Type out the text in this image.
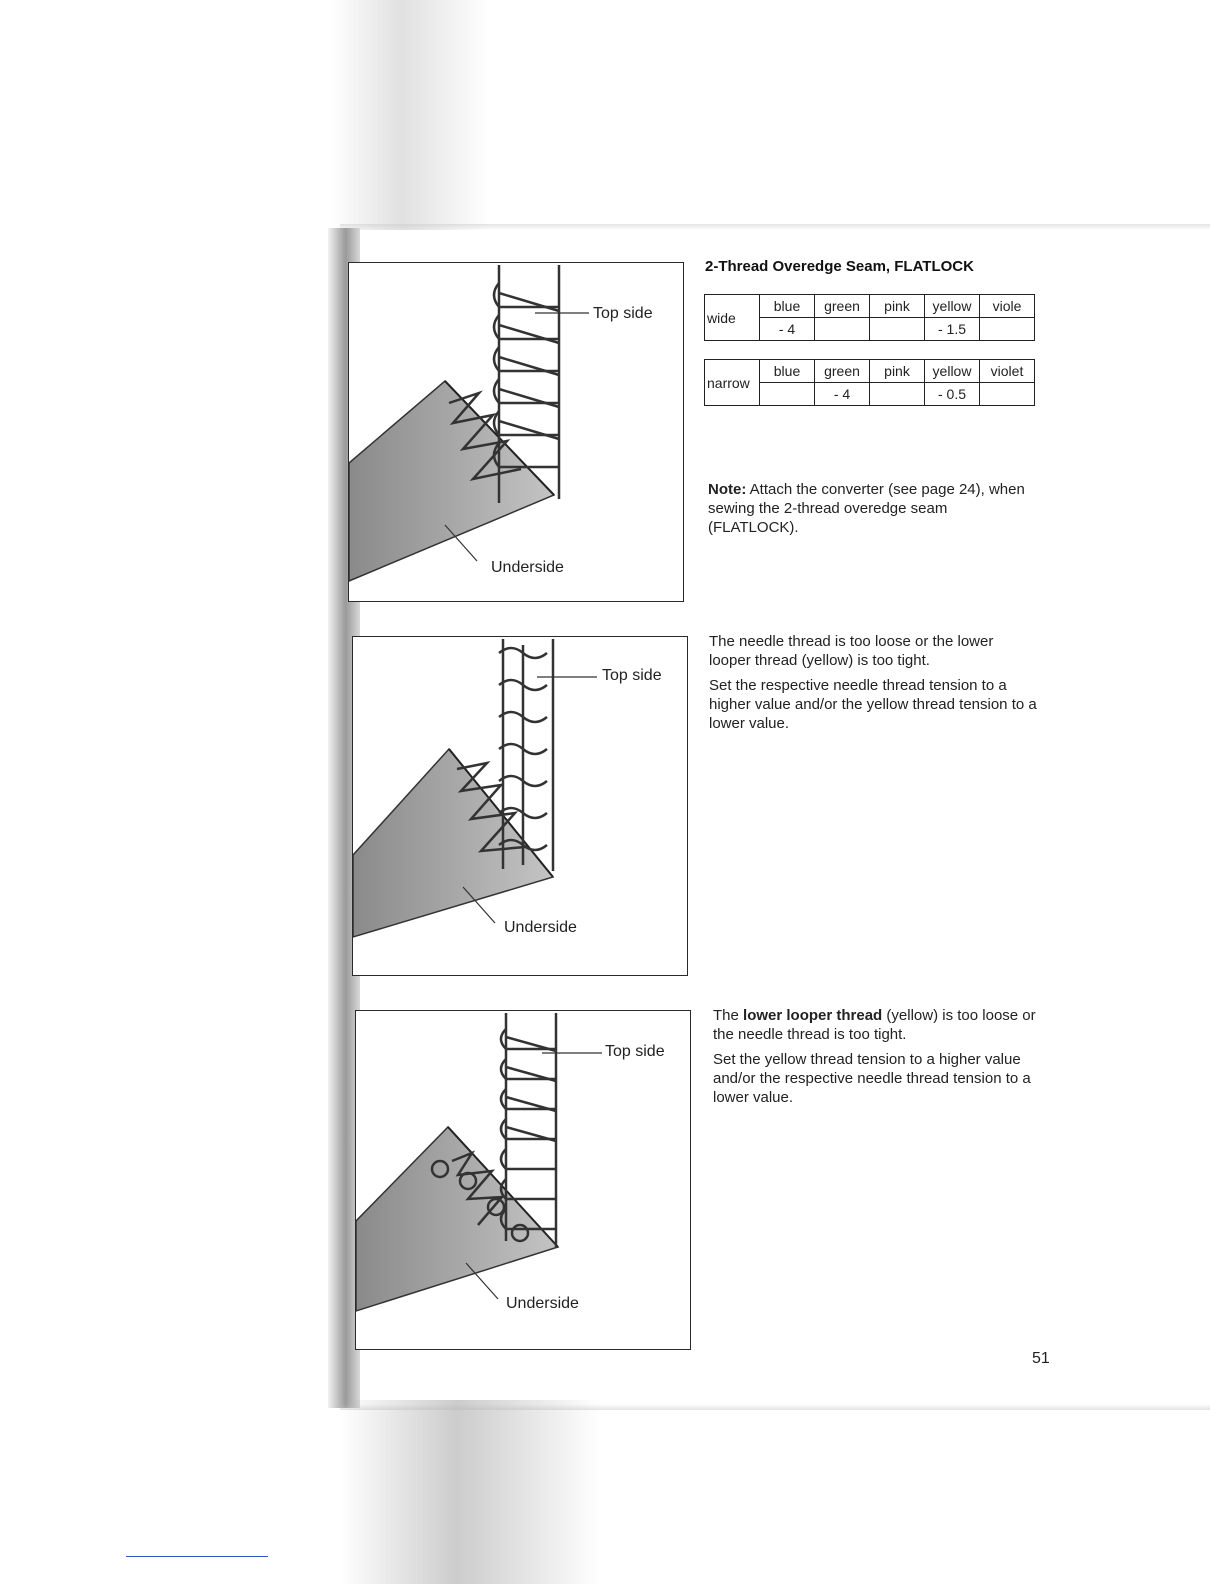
Top side
Underside
Top side
Underside
Top side
Underside
2-Thread Overedge Seam, FLATLOCK
wide	blue	green	pink	yellow	viole
	- 4			- 1.5	
narrow	blue	green	pink	yellow	violet
		- 4		- 0.5	

Note: Attach the converter (see page 24), when sewing the 2-thread overedge seam (FLATLOCK).

The needle thread is too loose or the lower looper thread (yellow) is too tight.

Set the respective needle thread tension to a higher value and/or the yellow thread tension to a lower value.

The lower looper thread (yellow) is too loose or the needle thread is too tight.

Set the yellow thread tension to a higher value and/or the respective needle thread tension to a lower value.

51
